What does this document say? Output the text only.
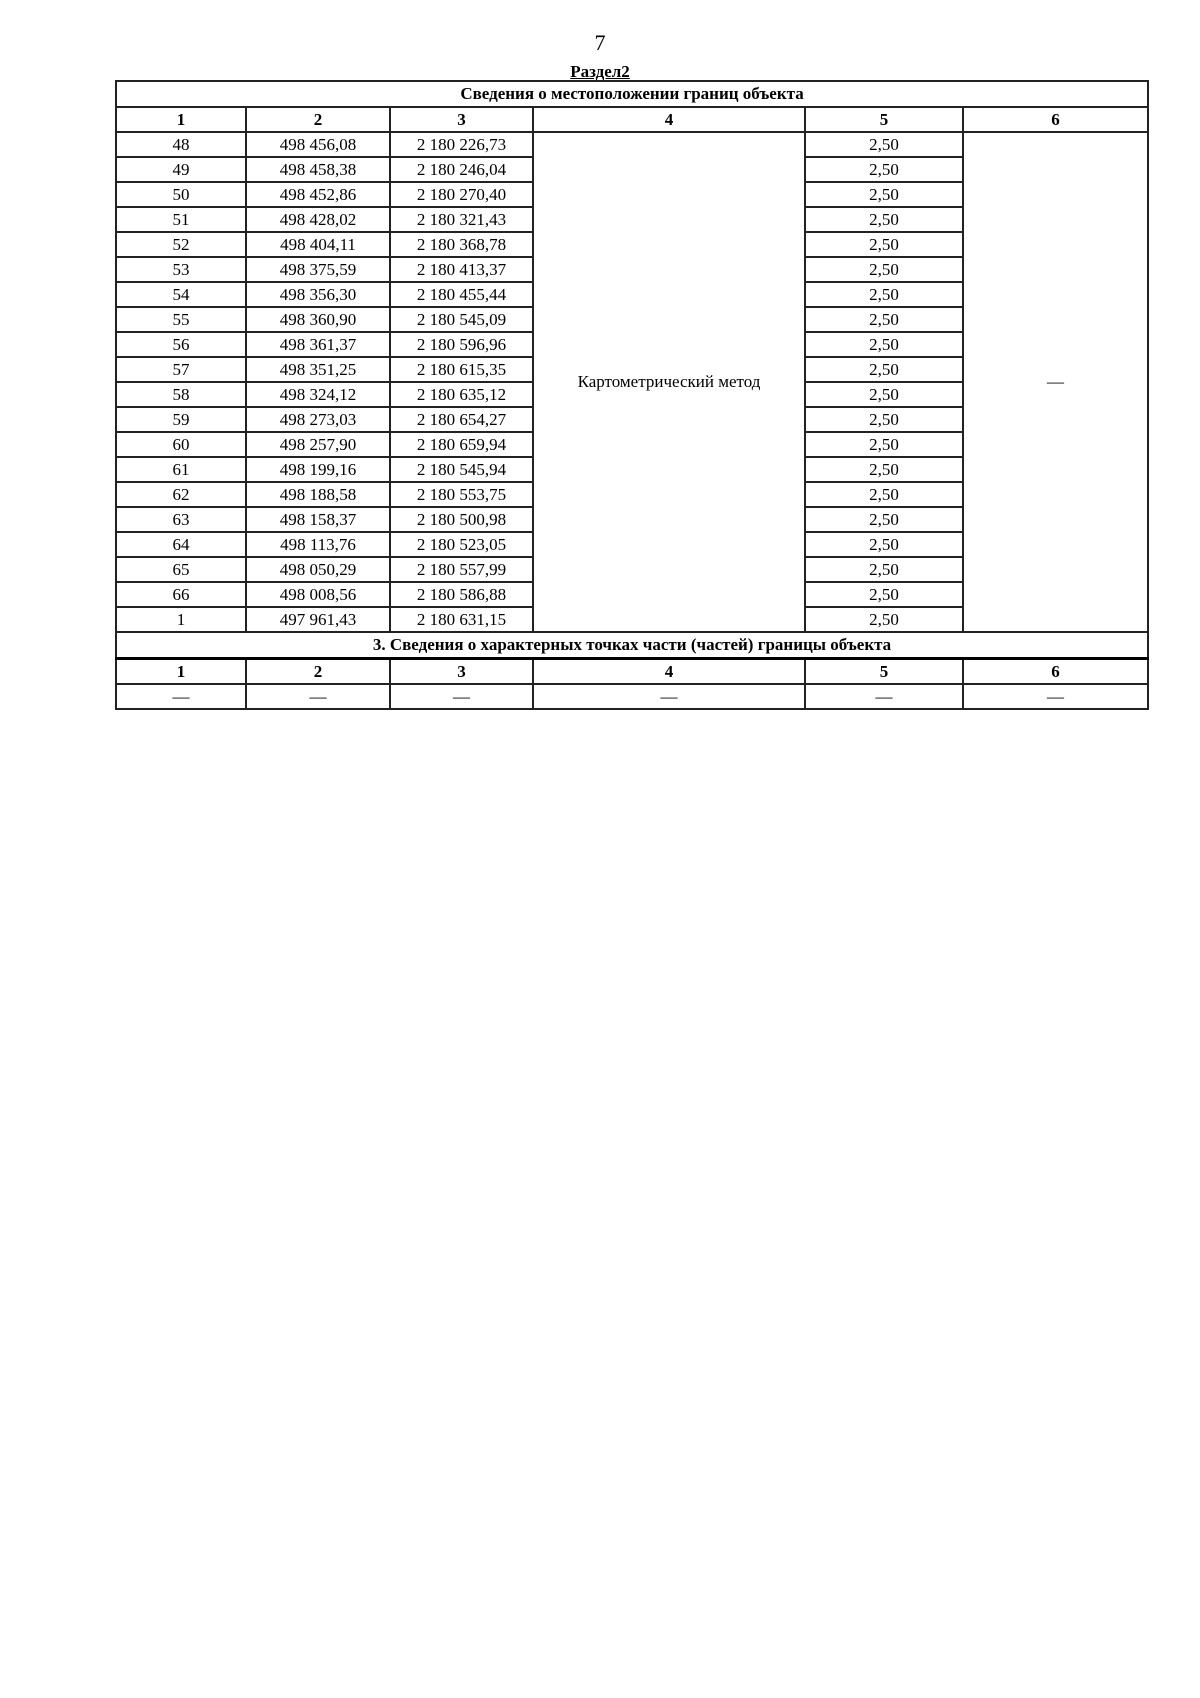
7
Раздел2
Сведения о местоположении границ объекта					
1	2	3	4	5	6
48	498 456,08	2 180 226,73	Картометрический метод	2,50	—
49	498 458,38	2 180 246,04		2,50	
50	498 452,86	2 180 270,40		2,50	
51	498 428,02	2 180 321,43		2,50	
52	498 404,11	2 180 368,78		2,50	
53	498 375,59	2 180 413,37		2,50	
54	498 356,30	2 180 455,44		2,50	
55	498 360,90	2 180 545,09		2,50	
56	498 361,37	2 180 596,96		2,50	
57	498 351,25	2 180 615,35		2,50	
58	498 324,12	2 180 635,12		2,50	
59	498 273,03	2 180 654,27		2,50	
60	498 257,90	2 180 659,94		2,50	
61	498 199,16	2 180 545,94		2,50	
62	498 188,58	2 180 553,75		2,50	
63	498 158,37	2 180 500,98		2,50	
64	498 113,76	2 180 523,05		2,50	
65	498 050,29	2 180 557,99		2,50	
66	498 008,56	2 180 586,88		2,50	
1	497 961,43	2 180 631,15		2,50	
3. Сведения о характерных точках части (частей) границы объекта					
1	2	3	4	5	6
—	—	—	—	—	—
